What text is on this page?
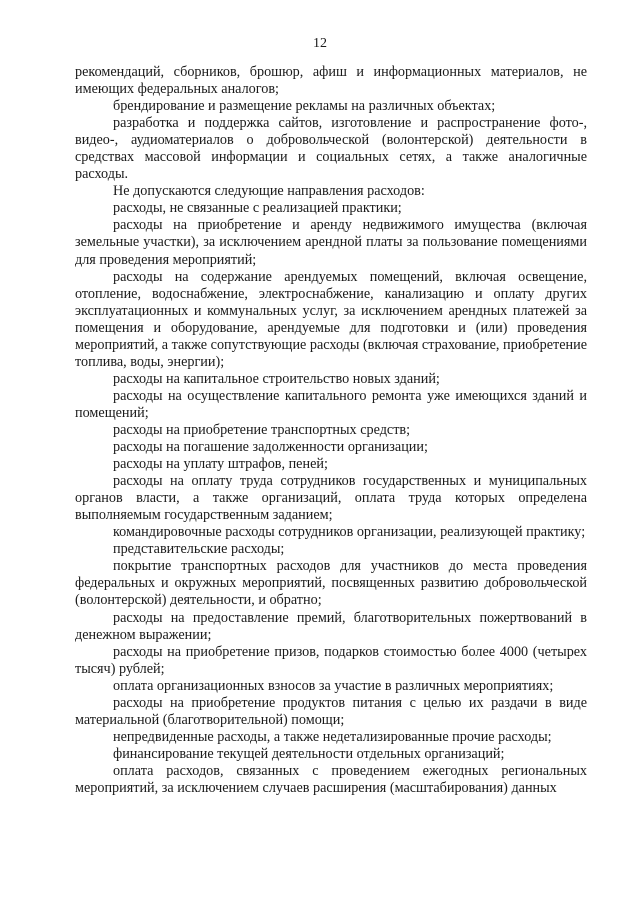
12

рекомендаций, сборников, брошюр, афиш и информационных материалов, не имеющих федеральных аналогов;

брендирование и размещение рекламы на различных объектах;

разработка и поддержка сайтов, изготовление и распространение фото-, видео-, аудиоматериалов о добровольческой (волонтерской) деятельности в средствах массовой информации и социальных сетях, а также аналогичные расходы.

Не допускаются следующие направления расходов:

расходы, не связанные с реализацией практики;

расходы на приобретение и аренду недвижимого имущества (включая земельные участки), за исключением арендной платы за пользование помещениями для проведения мероприятий;

расходы на содержание арендуемых помещений, включая освещение, отопление, водоснабжение, электроснабжение, канализацию и оплату других эксплуатационных и коммунальных услуг, за исключением арендных платежей за помещения и оборудование, арендуемые для подготовки и (или) проведения мероприятий, а также сопутствующие расходы (включая страхование, приобретение топлива, воды, энергии);

расходы на капитальное строительство новых зданий;

расходы на осуществление капитального ремонта уже имеющихся зданий и помещений;

расходы на приобретение транспортных средств;

расходы на погашение задолженности организации;

расходы на уплату штрафов, пеней;

расходы на оплату труда сотрудников государственных и муниципальных органов власти, а также организаций, оплата труда которых определена выполняемым государственным заданием;

командировочные расходы сотрудников организации, реализующей практику;

представительские расходы;

покрытие транспортных расходов для участников до места проведения федеральных и окружных мероприятий, посвященных развитию добровольческой (волонтерской) деятельности, и обратно;

расходы на предоставление премий, благотворительных пожертвований в денежном выражении;

расходы на приобретение призов, подарков стоимостью более 4000 (четырех тысяч) рублей;

оплата организационных взносов за участие в различных мероприятиях;

расходы на приобретение продуктов питания с целью их раздачи в виде материальной (благотворительной) помощи;

непредвиденные расходы, а также недетализированные прочие расходы;

финансирование текущей деятельности отдельных организаций;

оплата расходов, связанных с проведением ежегодных региональных мероприятий, за исключением случаев расширения (масштабирования) данных
